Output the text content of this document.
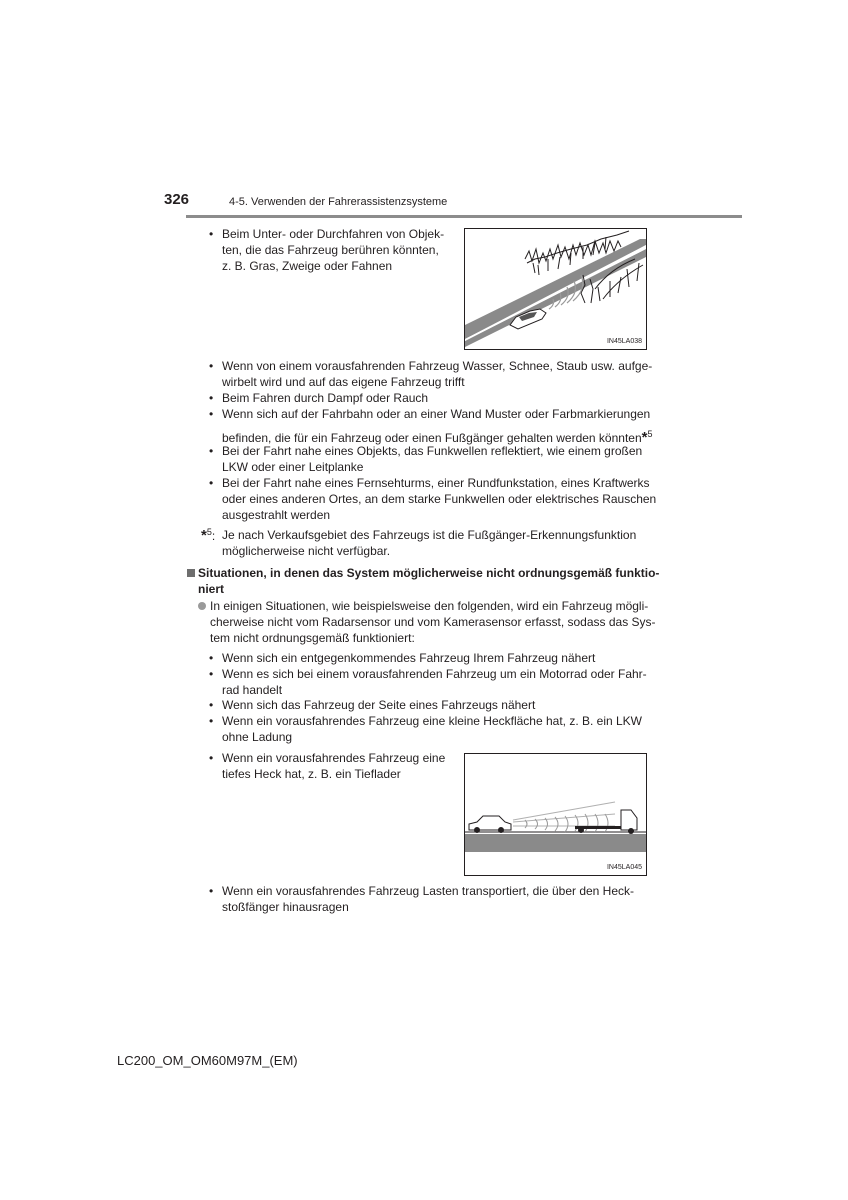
326	4-5. Verwenden der Fahrerassistenzsysteme
• Beim Unter- oder Durchfahren von Objek-
ten, die das Fahrzeug berühren könnten,
z. B. Gras, Zweige oder Fahnen
IN45LA038
• Wenn von einem vorausfahrenden Fahrzeug Wasser, Schnee, Staub usw. aufge-
wirbelt wird und auf das eigene Fahrzeug trifft
• Beim Fahren durch Dampf oder Rauch
• Wenn sich auf der Fahrbahn oder an einer Wand Muster oder Farbmarkierungen
befinden, die für ein Fahrzeug oder einen Fußgänger gehalten werden könnten*$^5$
• Bei der Fahrt nahe eines Objekts, das Funkwellen reflektiert, wie einem großen
LKW oder einer Leitplanke
• Bei der Fahrt nahe eines Fernsehturms, einer Rundfunkstation, eines Kraftwerks
oder eines anderen Ortes, an dem starke Funkwellen oder elektrisches Rauschen
ausgestrahlt werden
*$^5$: Je nach Verkaufsgebiet des Fahrzeugs ist die Fußgänger-Erkennungsfunktion
möglicherweise nicht verfügbar.
Situationen, in denen das System möglicherweise nicht ordnungsgemäß funktio-
niert
In einigen Situationen, wie beispielsweise den folgenden, wird ein Fahrzeug mögli-
cherweise nicht vom Radarsensor und vom Kamerasensor erfasst, sodass das Sys-
tem nicht ordnungsgemäß funktioniert:
• Wenn sich ein entgegenkommendes Fahrzeug Ihrem Fahrzeug nähert
• Wenn es sich bei einem vorausfahrenden Fahrzeug um ein Motorrad oder Fahr-
rad handelt
• Wenn sich das Fahrzeug der Seite eines Fahrzeugs nähert
• Wenn ein vorausfahrendes Fahrzeug eine kleine Heckfläche hat, z. B. ein LKW
ohne Ladung
• Wenn ein vorausfahrendes Fahrzeug eine
tiefes Heck hat, z. B. ein Tieflader
IN45LA045
• Wenn ein vorausfahrendes Fahrzeug Lasten transportiert, die über den Heck-
stoßfänger hinausragen
LC200_OM_OM60M97M_(EM)
